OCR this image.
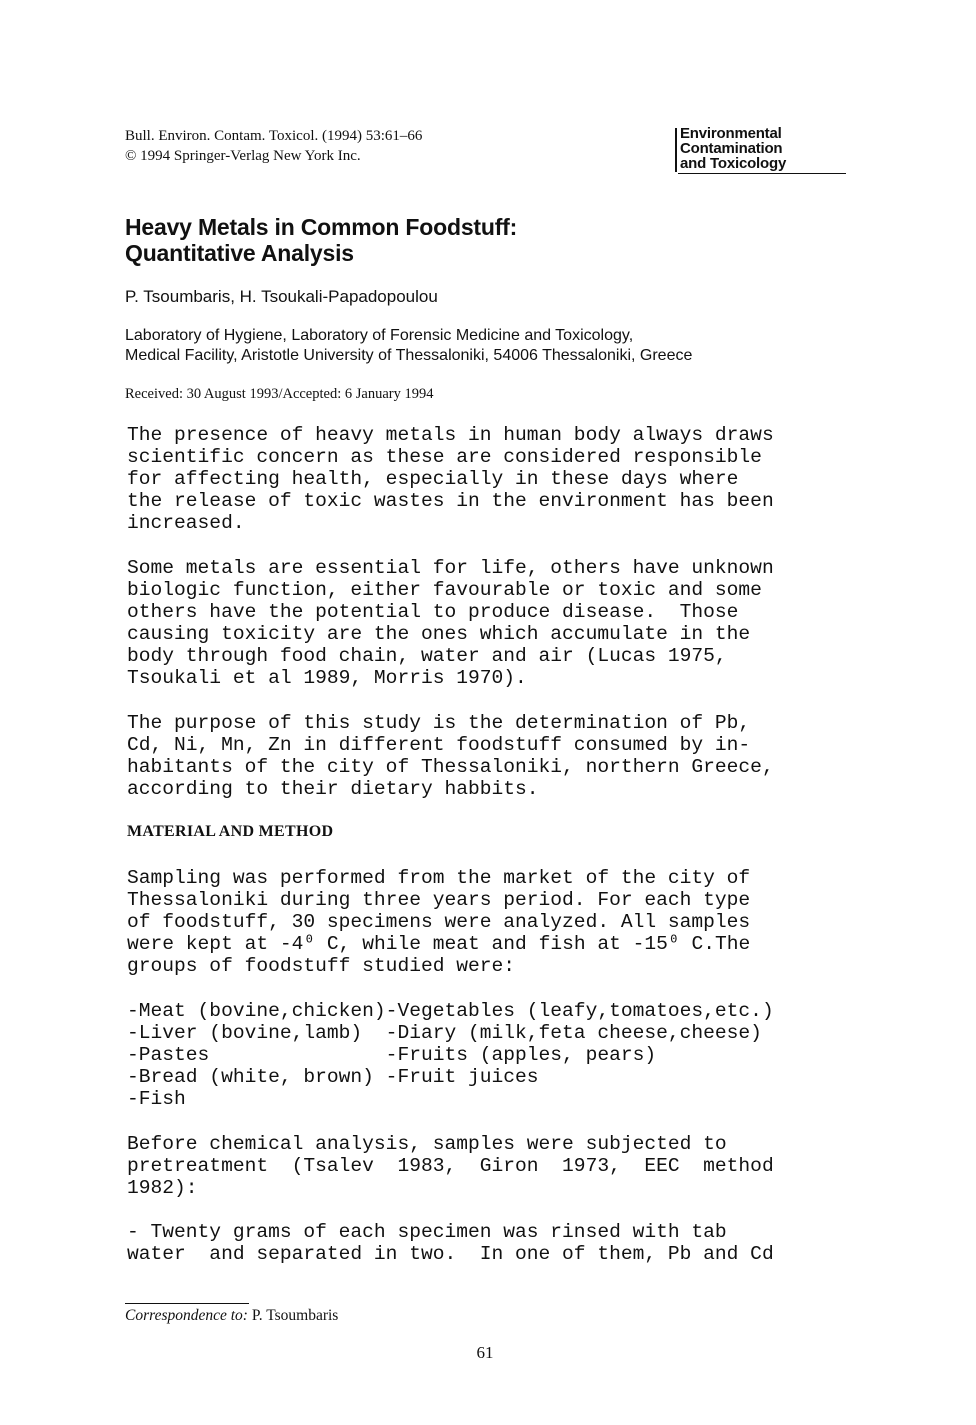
Bull. Environ. Contam. Toxicol. (1994) 53:61–66
© 1994 Springer-Verlag New York Inc.
Environmental
Contamination
and Toxicology
Heavy Metals in Common Foodstuff:
Quantitative Analysis
P. Tsoumbaris, H. Tsoukali-Papadopoulou
Laboratory of Hygiene, Laboratory of Forensic Medicine and Toxicology,
Medical Facility, Aristotle University of Thessaloniki, 54006 Thessaloniki, Greece
Received: 30 August 1993/Accepted: 6 January 1994
The presence of heavy metals in human body always draws
scientific concern as these are considered responsible
for affecting health, especially in these days where
the release of toxic wastes in the environment has been
increased.
Some metals are essential for life, others have unknown
biologic function, either favourable or toxic and some
others have the potential to produce disease.  Those
causing toxicity are the ones which accumulate in the
body through food chain, water and air (Lucas 1975,
Tsoukali et al 1989, Morris 1970).
The purpose of this study is the determination of Pb,
Cd, Ni, Mn, Zn in different foodstuff consumed by in-
habitants of the city of Thessaloniki, northern Greece,
according to their dietary habbits.
MATERIAL AND METHOD
Sampling was performed from the market of the city of
Thessaloniki during three years period. For each type
of foodstuff, 30 specimens were analyzed. All samples
were kept at -4⁰ C, while meat and fish at -15⁰ C.The
groups of foodstuff studied were:
-Meat (bovine,chicken)-Vegetables (leafy,tomatoes,etc.)
-Liver (bovine,lamb)  -Diary (milk,feta cheese,cheese)
-Pastes               -Fruits (apples, pears)
-Bread (white, brown) -Fruit juices
-Fish
Before chemical analysis, samples were subjected to
pretreatment  (Tsalev  1983,  Giron  1973,  EEC  method
1982):
- Twenty grams of each specimen was rinsed with tab
water  and separated in two.  In one of them, Pb and Cd
Correspondence to: P. Tsoumbaris
61
